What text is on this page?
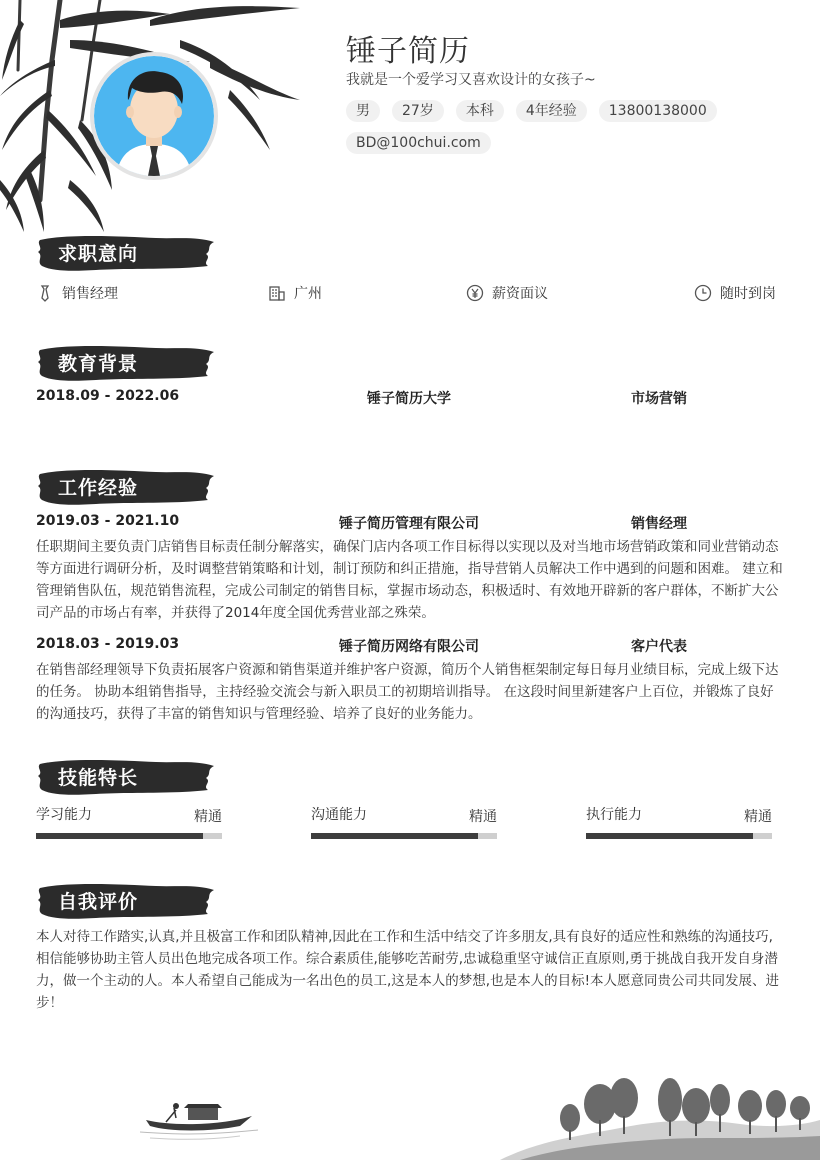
锤子简历
我就是一个爱学习又喜欢设计的女孩子~
男	27岁	本科	4年经验	13800138000
BD@100chui.com
求职意向
销售经理	广州	薪资面议	随时到岗
教育背景
2018.09 - 2022.06	锤子简历大学	市场营销
工作经验
2019.03 - 2021.10	锤子简历管理有限公司	销售经理
任职期间主要负责门店销售目标责任制分解落实，确保门店内各项工作目标得以实现以及对当地市场营销政策和同业营销动态等方面进行调研分析，及时调整营销策略和计划，制订预防和纠正措施，指导营销人员解决工作中遇到的问题和困难。 建立和管理销售队伍，规范销售流程，完成公司制定的销售目标，掌握市场动态，积极适时、有效地开辟新的客户群体，不断扩大公司产品的市场占有率，并获得了2014年度全国优秀营业部之殊荣。
2018.03 - 2019.03	锤子简历网络有限公司	客户代表
在销售部经理领导下负责拓展客户资源和销售渠道并维护客户资源，简历个人销售框架制定每日每月业绩目标，完成上级下达的任务。 协助本组销售指导，主持经验交流会与新入职员工的初期培训指导。 在这段时间里新建客户上百位，并锻炼了良好的沟通技巧，获得了丰富的销售知识与管理经验、培养了良好的业务能力。
技能特长
学习能力	精通	沟通能力	精通	执行能力	精通
自我评价
本人对待工作踏实,认真,并且极富工作和团队精神,因此在工作和生活中结交了许多朋友,具有良好的适应性和熟练的沟通技巧,相信能够协助主管人员出色地完成各项工作。综合素质佳,能够吃苦耐劳,忠诚稳重坚守诚信正直原则,勇于挑战自我开发自身潜力，做一个主动的人。本人希望自己能成为一名出色的员工,这是本人的梦想,也是本人的目标!本人愿意同贵公司共同发展、进步！
